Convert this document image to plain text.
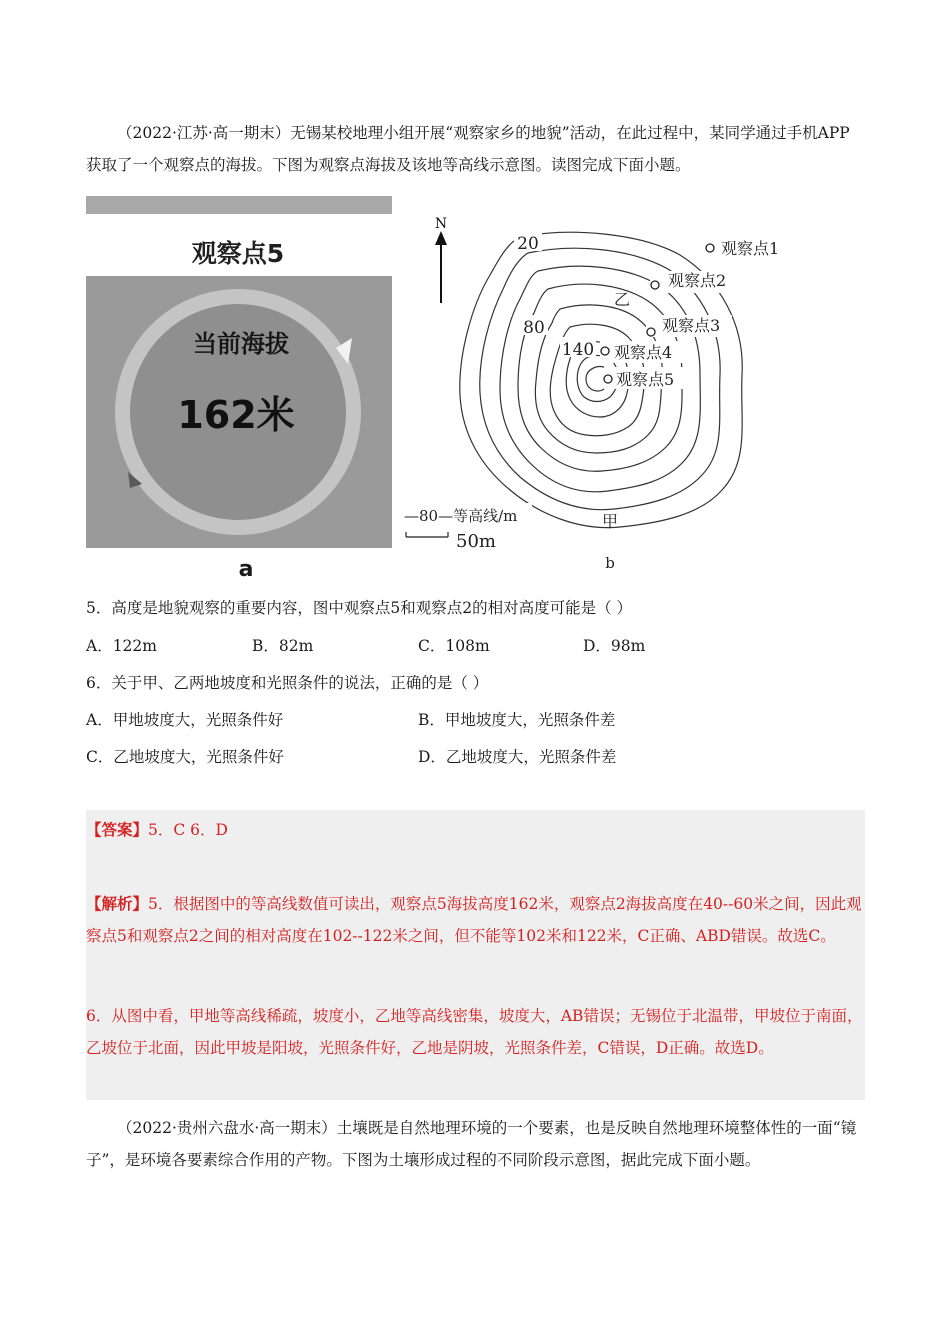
（2022·江苏·高一期末）无锡某校地理小组开展“观察家乡的地貌”活动，在此过程中，某同学通过手机APP获取了一个观察点的海拔。下图为观察点海拔及该地等高线示意图。读图完成下面小题。
观察点5
当前海拔
162米
a
N
20
80
140
观察点1
观察点2
观察点3
观察点4
观察点5
乙
甲
—80—等高线/m
50m
b
5．高度是地貌观察的重要内容，图中观察点5和观察点2的相对高度可能是（ ）
A．122m	B．82m	C．108m	D．98m
6．关于甲、乙两地坡度和光照条件的说法，正确的是（ ）
A．甲地坡度大，光照条件好	B．甲地坡度大，光照条件差
C．乙地坡度大，光照条件好	D．乙地坡度大，光照条件差
【答案】5．C 6．D
【解析】5．根据图中的等高线数值可读出，观察点5海拔高度162米，观察点2海拔高度在40--60米之间，因此观察点5和观察点2之间的相对高度在102--122米之间，但不能等102米和122米，C正确、ABD错误。故选C。
6．从图中看，甲地等高线稀疏，坡度小，乙地等高线密集，坡度大，AB错误；无锡位于北温带，甲坡位于南面，乙坡位于北面，因此甲坡是阳坡，光照条件好，乙地是阴坡，光照条件差，C错误，D正确。故选D。
（2022·贵州六盘水·高一期末）土壤既是自然地理环境的一个要素，也是反映自然地理环境整体性的一面“镜子”，是环境各要素综合作用的产物。下图为土壤形成过程的不同阶段示意图，据此完成下面小题。
